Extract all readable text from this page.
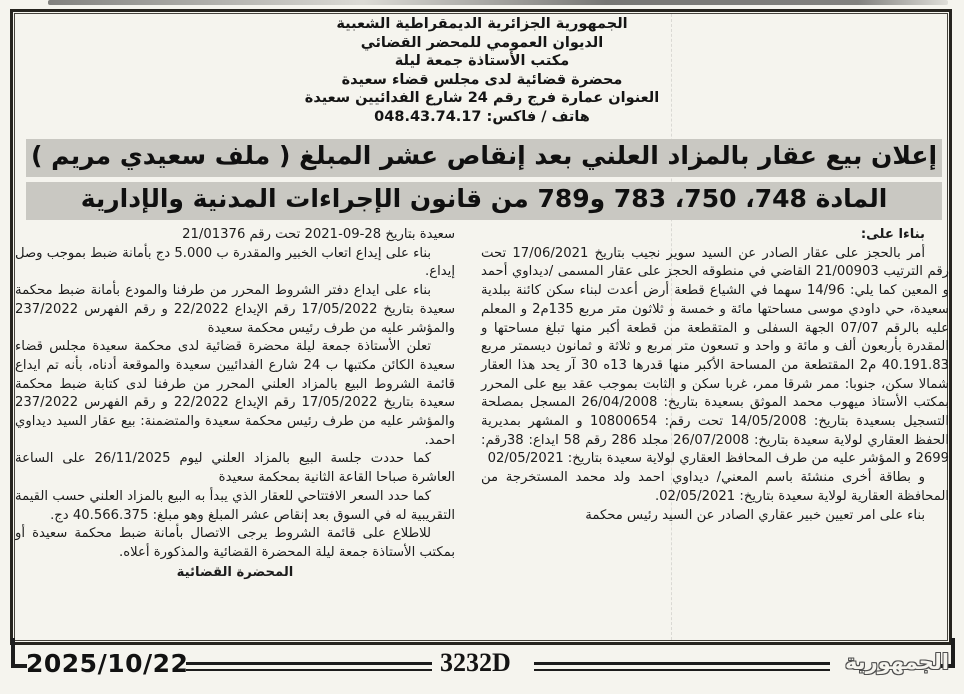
الجمهورية الجزائرية الديمقراطية الشعبية
الديوان العمومي للمحضر القضائي
مكتب الأستاذة جمعة ليلة
محضرة قضائية لدى مجلس قضاء سعيدة
العنوان عمارة فرج رقم 24 شارع الفدائيين سعيدة
هاتف / فاكس: 048.43.74.17
إعلان بيع عقار بالمزاد العلني بعد إنقاص عشر المبلغ ( ملف سعيدي مريم )
المادة 748، 750، 783 و789 من قانون الإجراءات المدنية والإدارية

بناءا على:

أمر بالحجز على عقار الصادر عن السيد سوير نجيب بتاريخ 17/06/2021 تحت رقم الترتيب 21/00903 القاضي في منطوقه الحجز على عقار المسمى /ديداوي أحمد و المعين كما يلي: 14/96 سهما في الشياع قطعة أرض أعدت لبناء سكن كائنة ببلدية سعيدة، حي داودي موسى مساحتها مائة و خمسة و ثلاثون متر مربع 135م2 و المعلم عليه بالرقم 07/07 الجهة السفلى و المتقطعة من قطعة أكبر منها تبلغ مساحتها و المقدرة بأربعون ألف و مائة و واحد و تسعون متر مربع و ثلاثة و ثمانون ديسمتر مربع 40.191.83 م2 المقتطعة من المساحة الأكبر منها قدرها 13ه 30 آر يحد هذا العقار شمالا سكن، جنوبا: ممر شرقا ممر، غربا سكن و الثابت بموجب عقد بيع على المحرر بمكتب الأستاذ ميهوب محمد الموثق بسعيدة بتاريخ: 26/04/2008 المسجل بمصلحة التسجيل بسعيدة بتاريخ: 14/05/2008 تحت رقم: 10800654 و المشهر بمديرية الحفظ العقاري لولاية سعيدة بتاريخ: 26/07/2008 مجلد 286 رقم 58 ايداع: 38رقم: 2699 و المؤشر عليه من طرف المحافظ العقاري لولاية سعيدة بتاريخ: 02/05/2021

و بطاقة أخرى منشئة باسم المعني/ ديداوي احمد ولد محمد المستخرجة من المحافظة العقارية لولاية سعيدة بتاريخ: 02/05/2021.

بناء على امر تعيين خبير عقاري الصادر عن السيد رئيس محكمة

سعيدة بتاريخ 28-09-2021 تحت رقم 21/01376

بناء على إيداع اتعاب الخبير والمقدرة ب 5.000 دج بأمانة ضبط بموجب وصل إيداع.

بناء على ايداع دفتر الشروط المحرر من طرفنا والمودع بأمانة ضبط محكمة سعيدة بتاريخ 17/05/2022 رقم الإيداع 22/2022 و رقم الفهرس 237/2022 والمؤشر عليه من طرف رئيس محكمة سعيدة

تعلن الأستاذة جمعة ليلة محضرة قضائية لدى محكمة سعيدة مجلس قضاء سعيدة الكائن مكتبها ب 24 شارع الفدائيين سعيدة والموقعة أدناه، بأنه تم ايداع قائمة الشروط البيع بالمزاد العلني المحرر من طرفنا لدى كتابة ضبط محكمة سعيدة بتاريخ 17/05/2022 رقم الإيداع 22/2022 و رقم الفهرس 237/2022 والمؤشر عليه من طرف رئيس محكمة سعيدة والمتضمنة: بيع عقار السيد ديداوي احمد.

كما حددت جلسة البيع بالمزاد العلني ليوم 26/11/2025 على الساعة العاشرة صباحا القاعة الثانية بمحكمة سعيدة

كما حدد السعر الافتتاحي للعقار الذي يبدأ به البيع بالمزاد العلني حسب القيمة التقريبية له في السوق بعد إنقاص عشر المبلغ وهو مبلغ: 40.566.375 دج.

للاطلاع على قائمة الشروط يرجى الاتصال بأمانة ضبط محكمة سعيدة أو بمكتب الأستاذة جمعة ليلة المحضرة القضائية والمذكورة أعلاه.

المحضرة القضائية
2025/10/22	3232D	الجمهورية
